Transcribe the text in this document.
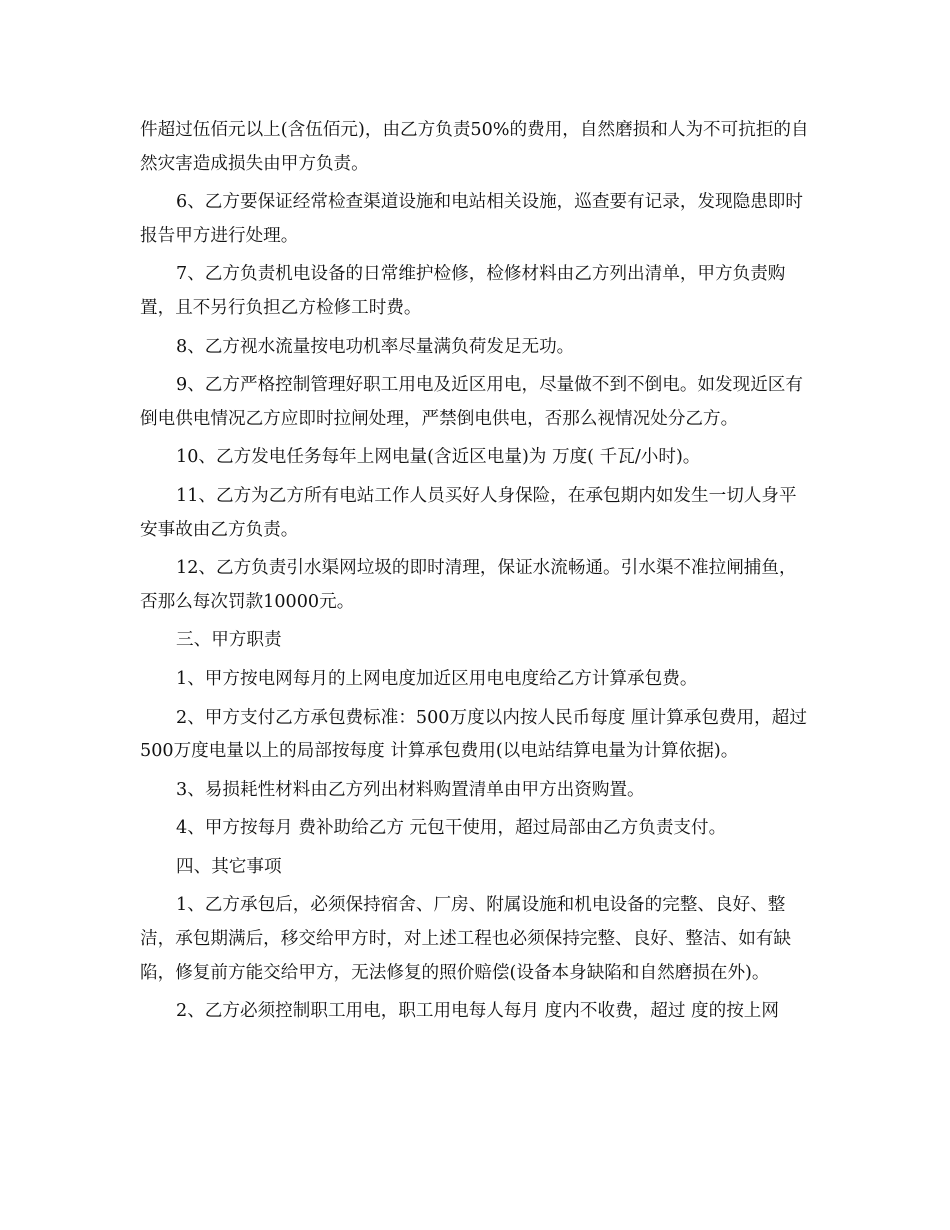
件超过伍佰元以上(含伍佰元)，由乙方负责50%的费用，自然磨损和人为不可抗拒的自然灾害造成损失由甲方负责。

6、乙方要保证经常检查渠道设施和电站相关设施，巡查要有记录，发现隐患即时报告甲方进行处理。

7、乙方负责机电设备的日常维护检修，检修材料由乙方列出清单，甲方负责购置，且不另行负担乙方检修工时费。

8、乙方视水流量按电功机率尽量满负荷发足无功。

9、乙方严格控制管理好职工用电及近区用电，尽量做不到不倒电。如发现近区有倒电供电情况乙方应即时拉闸处理，严禁倒电供电，否那么视情况处分乙方。

10、乙方发电任务每年上网电量(含近区电量)为 万度( 千瓦/小时)。

11、乙方为乙方所有电站工作人员买好人身保险，在承包期内如发生一切人身平安事故由乙方负责。

12、乙方负责引水渠网垃圾的即时清理，保证水流畅通。引水渠不准拉闸捕鱼，否那么每次罚款10000元。

三、甲方职责

1、甲方按电网每月的上网电度加近区用电电度给乙方计算承包费。

2、甲方支付乙方承包费标准：500万度以内按人民币每度 厘计算承包费用，超过500万度电量以上的局部按每度 计算承包费用(以电站结算电量为计算依据)。

3、易损耗性材料由乙方列出材料购置清单由甲方出资购置。

4、甲方按每月 费补助给乙方 元包干使用，超过局部由乙方负责支付。

四、其它事项

1、乙方承包后，必须保持宿舍、厂房、附属设施和机电设备的完整、良好、整洁，承包期满后，移交给甲方时，对上述工程也必须保持完整、良好、整洁、如有缺陷，修复前方能交给甲方，无法修复的照价赔偿(设备本身缺陷和自然磨损在外)。

2、乙方必须控制职工用电，职工用电每人每月 度内不收费，超过 度的按上网
